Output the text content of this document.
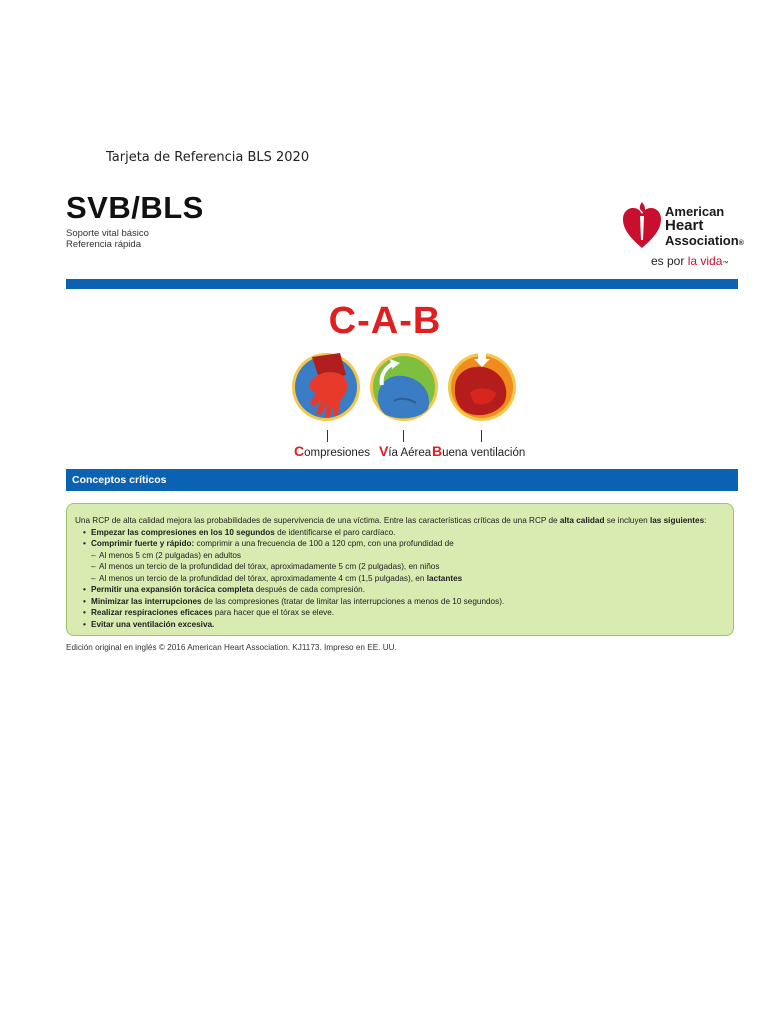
Tarjeta de Referencia BLS 2020
SVB/BLS
Soporte vital básico
Referencia rápida
American
Heart
Association®
es por la vida™
C-A-B
Compresiones Vía Aérea Buena ventilación
Conceptos críticos
Una RCP de alta calidad mejora las probabilidades de supervivencia de una víctima. Entre las características críticas de una RCP de alta calidad se incluyen las siguientes:
• Empezar las compresiones en los 10 segundos de identificarse el paro cardíaco.
• Comprimir fuerte y rápido: comprimir a una frecuencia de 100 a 120 cpm, con una profundidad de
– Al menos 5 cm (2 pulgadas) en adultos
– Al menos un tercio de la profundidad del tórax, aproximadamente 5 cm (2 pulgadas), en niños
– Al menos un tercio de la profundidad del tórax, aproximadamente 4 cm (1,5 pulgadas), en lactantes
• Permitir una expansión torácica completa después de cada compresión.
• Minimizar las interrupciones de las compresiones (tratar de limitar las interrupciones a menos de 10 segundos).
• Realizar respiraciones eficaces para hacer que el tórax se eleve.
• Evitar una ventilación excesiva.
Edición original en inglés © 2016 American Heart Association. KJ1173. Impreso en EE. UU.
